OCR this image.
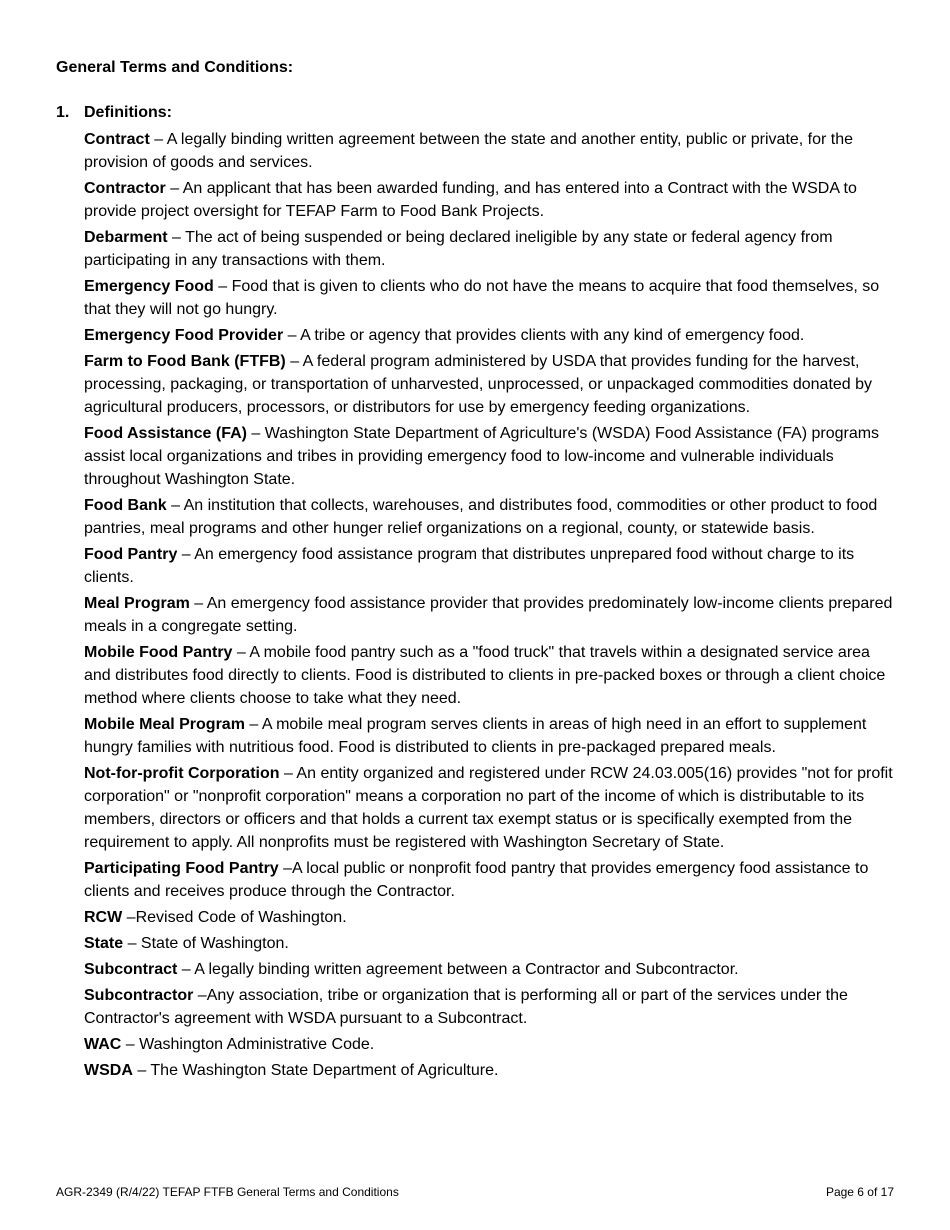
General Terms and Conditions:
1. Definitions:
Contract – A legally binding written agreement between the state and another entity, public or private, for the provision of goods and services.
Contractor – An applicant that has been awarded funding, and has entered into a Contract with the WSDA to provide project oversight for TEFAP Farm to Food Bank Projects.
Debarment – The act of being suspended or being declared ineligible by any state or federal agency from participating in any transactions with them.
Emergency Food – Food that is given to clients who do not have the means to acquire that food themselves, so that they will not go hungry.
Emergency Food Provider – A tribe or agency that provides clients with any kind of emergency food.
Farm to Food Bank (FTFB) – A federal program administered by USDA that provides funding for the harvest, processing, packaging, or transportation of unharvested, unprocessed, or unpackaged commodities donated by agricultural producers, processors, or distributors for use by emergency feeding organizations.
Food Assistance (FA) – Washington State Department of Agriculture's (WSDA) Food Assistance (FA) programs assist local organizations and tribes in providing emergency food to low-income and vulnerable individuals throughout Washington State.
Food Bank – An institution that collects, warehouses, and distributes food, commodities or other product to food pantries, meal programs and other hunger relief organizations on a regional, county, or statewide basis.
Food Pantry – An emergency food assistance program that distributes unprepared food without charge to its clients.
Meal Program – An emergency food assistance provider that provides predominately low-income clients prepared meals in a congregate setting.
Mobile Food Pantry – A mobile food pantry such as a "food truck" that travels within a designated service area and distributes food directly to clients. Food is distributed to clients in pre-packed boxes or through a client choice method where clients choose to take what they need.
Mobile Meal Program – A mobile meal program serves clients in areas of high need in an effort to supplement hungry families with nutritious food. Food is distributed to clients in pre-packaged prepared meals.
Not-for-profit Corporation – An entity organized and registered under RCW 24.03.005(16) provides "not for profit corporation" or "nonprofit corporation" means a corporation no part of the income of which is distributable to its members, directors or officers and that holds a current tax exempt status or is specifically exempted from the requirement to apply. All nonprofits must be registered with Washington Secretary of State.
Participating Food Pantry –A local public or nonprofit food pantry that provides emergency food assistance to clients and receives produce through the Contractor.
RCW –Revised Code of Washington.
State – State of Washington.
Subcontract – A legally binding written agreement between a Contractor and Subcontractor.
Subcontractor –Any association, tribe or organization that is performing all or part of the services under the Contractor's agreement with WSDA pursuant to a Subcontract.
WAC – Washington Administrative Code.
WSDA – The Washington State Department of Agriculture.
AGR-2349 (R/4/22) TEFAP FTFB General Terms and Conditions	Page 6 of 17
